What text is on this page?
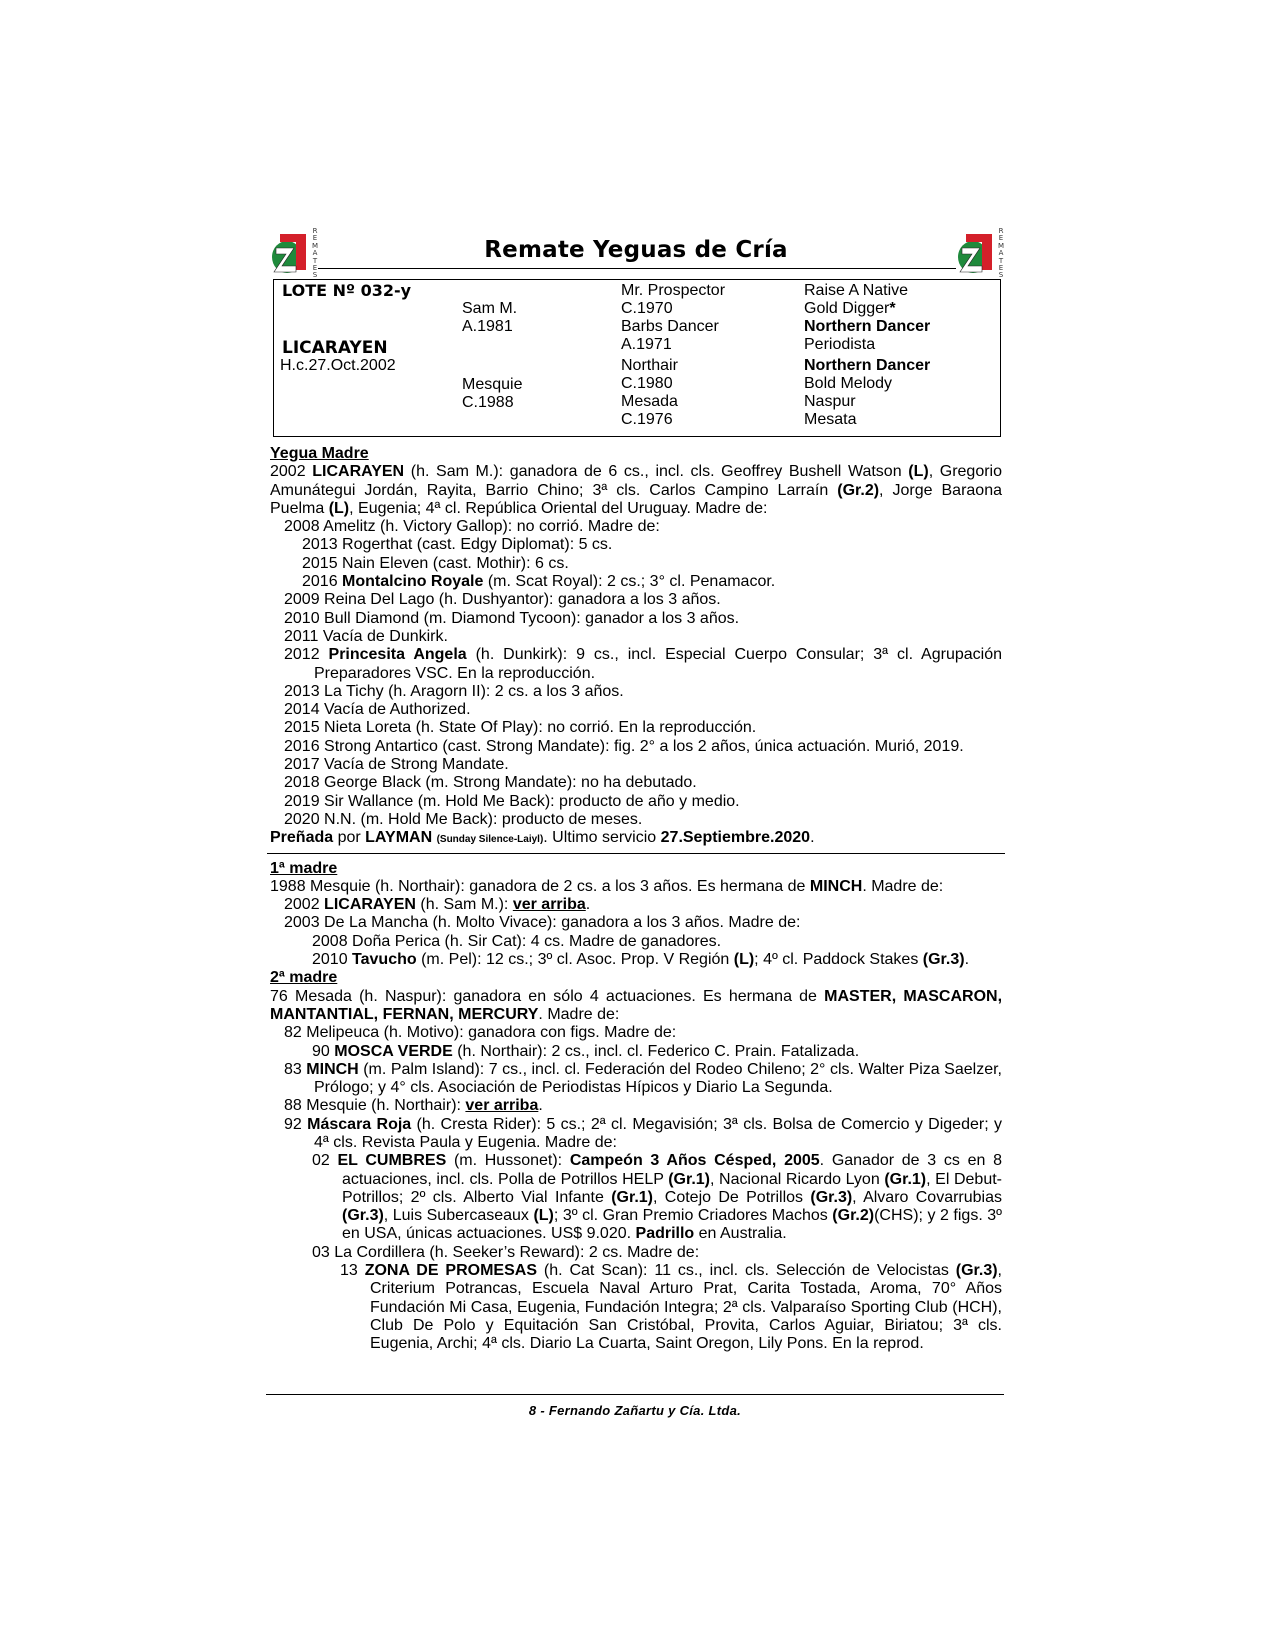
R
E
M
A
T
E
S
Remate Yeguas de Cría
R
E
M
A
T
E
S
LOTE Nº 032-y
LICARAYEN
H.c.27.Oct.2002
Sam M.
A.1981
Mesquie
C.1988
Mr. Prospector
C.1970
Barbs Dancer
A.1971
Northair
C.1980
Mesada
C.1976
Raise A Native
Gold Digger*
Northern Dancer
Periodista
Northern Dancer
Bold Melody
Naspur
Mesata

Yegua Madre

2002 LICARAYEN (h. Sam M.): ganadora de 6 cs., incl. cls. Geoffrey Bushell Watson (L), Gregorio Amunátegui Jordán, Rayita, Barrio Chino; 3ª cls. Carlos Campino Larraín (Gr.2), Jorge Baraona Puelma (L), Eugenia; 4ª cl. República Oriental del Uruguay. Madre de:

2008 Amelitz (h. Victory Gallop): no corrió. Madre de:

2013 Rogerthat (cast. Edgy Diplomat): 5 cs.

2015 Nain Eleven (cast. Mothir): 6 cs.

2016 Montalcino Royale (m. Scat Royal): 2 cs.; 3° cl. Penamacor.

2009 Reina Del Lago (h. Dushyantor): ganadora a los 3 años.

2010 Bull Diamond (m. Diamond Tycoon): ganador a los 3 años.

2011 Vacía de Dunkirk.

2012 Princesita Angela (h. Dunkirk): 9 cs., incl. Especial Cuerpo Consular; 3ª cl. Agrupación Preparadores VSC. En la reproducción.

2013 La Tichy (h. Aragorn II): 2 cs. a los 3 años.

2014 Vacía de Authorized.

2015 Nieta Loreta (h. State Of Play): no corrió. En la reproducción.

2016 Strong Antartico (cast. Strong Mandate): fig. 2° a los 2 años, única actuación. Murió, 2019.

2017 Vacía de Strong Mandate.

2018 George Black (m. Strong Mandate): no ha debutado.

2019 Sir Wallance (m. Hold Me Back): producto de año y medio.

2020 N.N. (m. Hold Me Back): producto de meses.

Preñada por LAYMAN (Sunday Silence-Laiyl). Ultimo servicio 27.Septiembre.2020.

1ª madre

1988 Mesquie (h. Northair): ganadora de 2 cs. a los 3 años. Es hermana de MINCH. Madre de:

2002 LICARAYEN (h. Sam M.): ver arriba.

2003 De La Mancha (h. Molto Vivace): ganadora a los 3 años. Madre de:

2008 Doña Perica (h. Sir Cat): 4 cs. Madre de ganadores.

2010 Tavucho (m. Pel): 12 cs.; 3º cl. Asoc. Prop. V Región (L); 4º cl. Paddock Stakes (Gr.3).

2ª madre

76 Mesada (h. Naspur): ganadora en sólo 4 actuaciones. Es hermana de MASTER, MASCARON, MANTANTIAL, FERNAN, MERCURY. Madre de:

82 Melipeuca (h. Motivo): ganadora con figs. Madre de:

90 MOSCA VERDE (h. Northair): 2 cs., incl. cl. Federico C. Prain. Fatalizada.

83 MINCH (m. Palm Island): 7 cs., incl. cl. Federación del Rodeo Chileno; 2° cls. Walter Piza Saelzer, Prólogo; y 4° cls. Asociación de Periodistas Hípicos y Diario La Segunda.

88 Mesquie (h. Northair): ver arriba.

92 Máscara Roja (h. Cresta Rider): 5 cs.; 2ª cl. Megavisión; 3ª cls. Bolsa de Comercio y Digeder; y 4ª cls. Revista Paula y Eugenia. Madre de:

02 EL CUMBRES (m. Hussonet): Campeón 3 Años Césped, 2005. Ganador de 3 cs en 8 actuaciones, incl. cls. Polla de Potrillos HELP (Gr.1), Nacional Ricardo Lyon (Gr.1), El Debut-Potrillos; 2º cls. Alberto Vial Infante (Gr.1), Cotejo De Potrillos (Gr.3), Alvaro Covarrubias (Gr.3), Luis Subercaseaux (L); 3º cl. Gran Premio Criadores Machos (Gr.2)(CHS); y 2 figs. 3º en USA, únicas actuaciones. US$ 9.020. Padrillo en Australia.

03 La Cordillera (h. Seeker’s Reward): 2 cs. Madre de:

13 ZONA DE PROMESAS (h. Cat Scan): 11 cs., incl. cls. Selección de Velocistas (Gr.3), Criterium Potrancas, Escuela Naval Arturo Prat, Carita Tostada, Aroma, 70° Años Fundación Mi Casa, Eugenia, Fundación Integra; 2ª cls. Valparaíso Sporting Club (HCH), Club De Polo y Equitación San Cristóbal, Provita, Carlos Aguiar, Biriatou; 3ª cls. Eugenia, Archi; 4ª cls. Diario La Cuarta, Saint Oregon, Lily Pons. En la reprod.

8 - Fernando Zañartu y Cía. Ltda.
